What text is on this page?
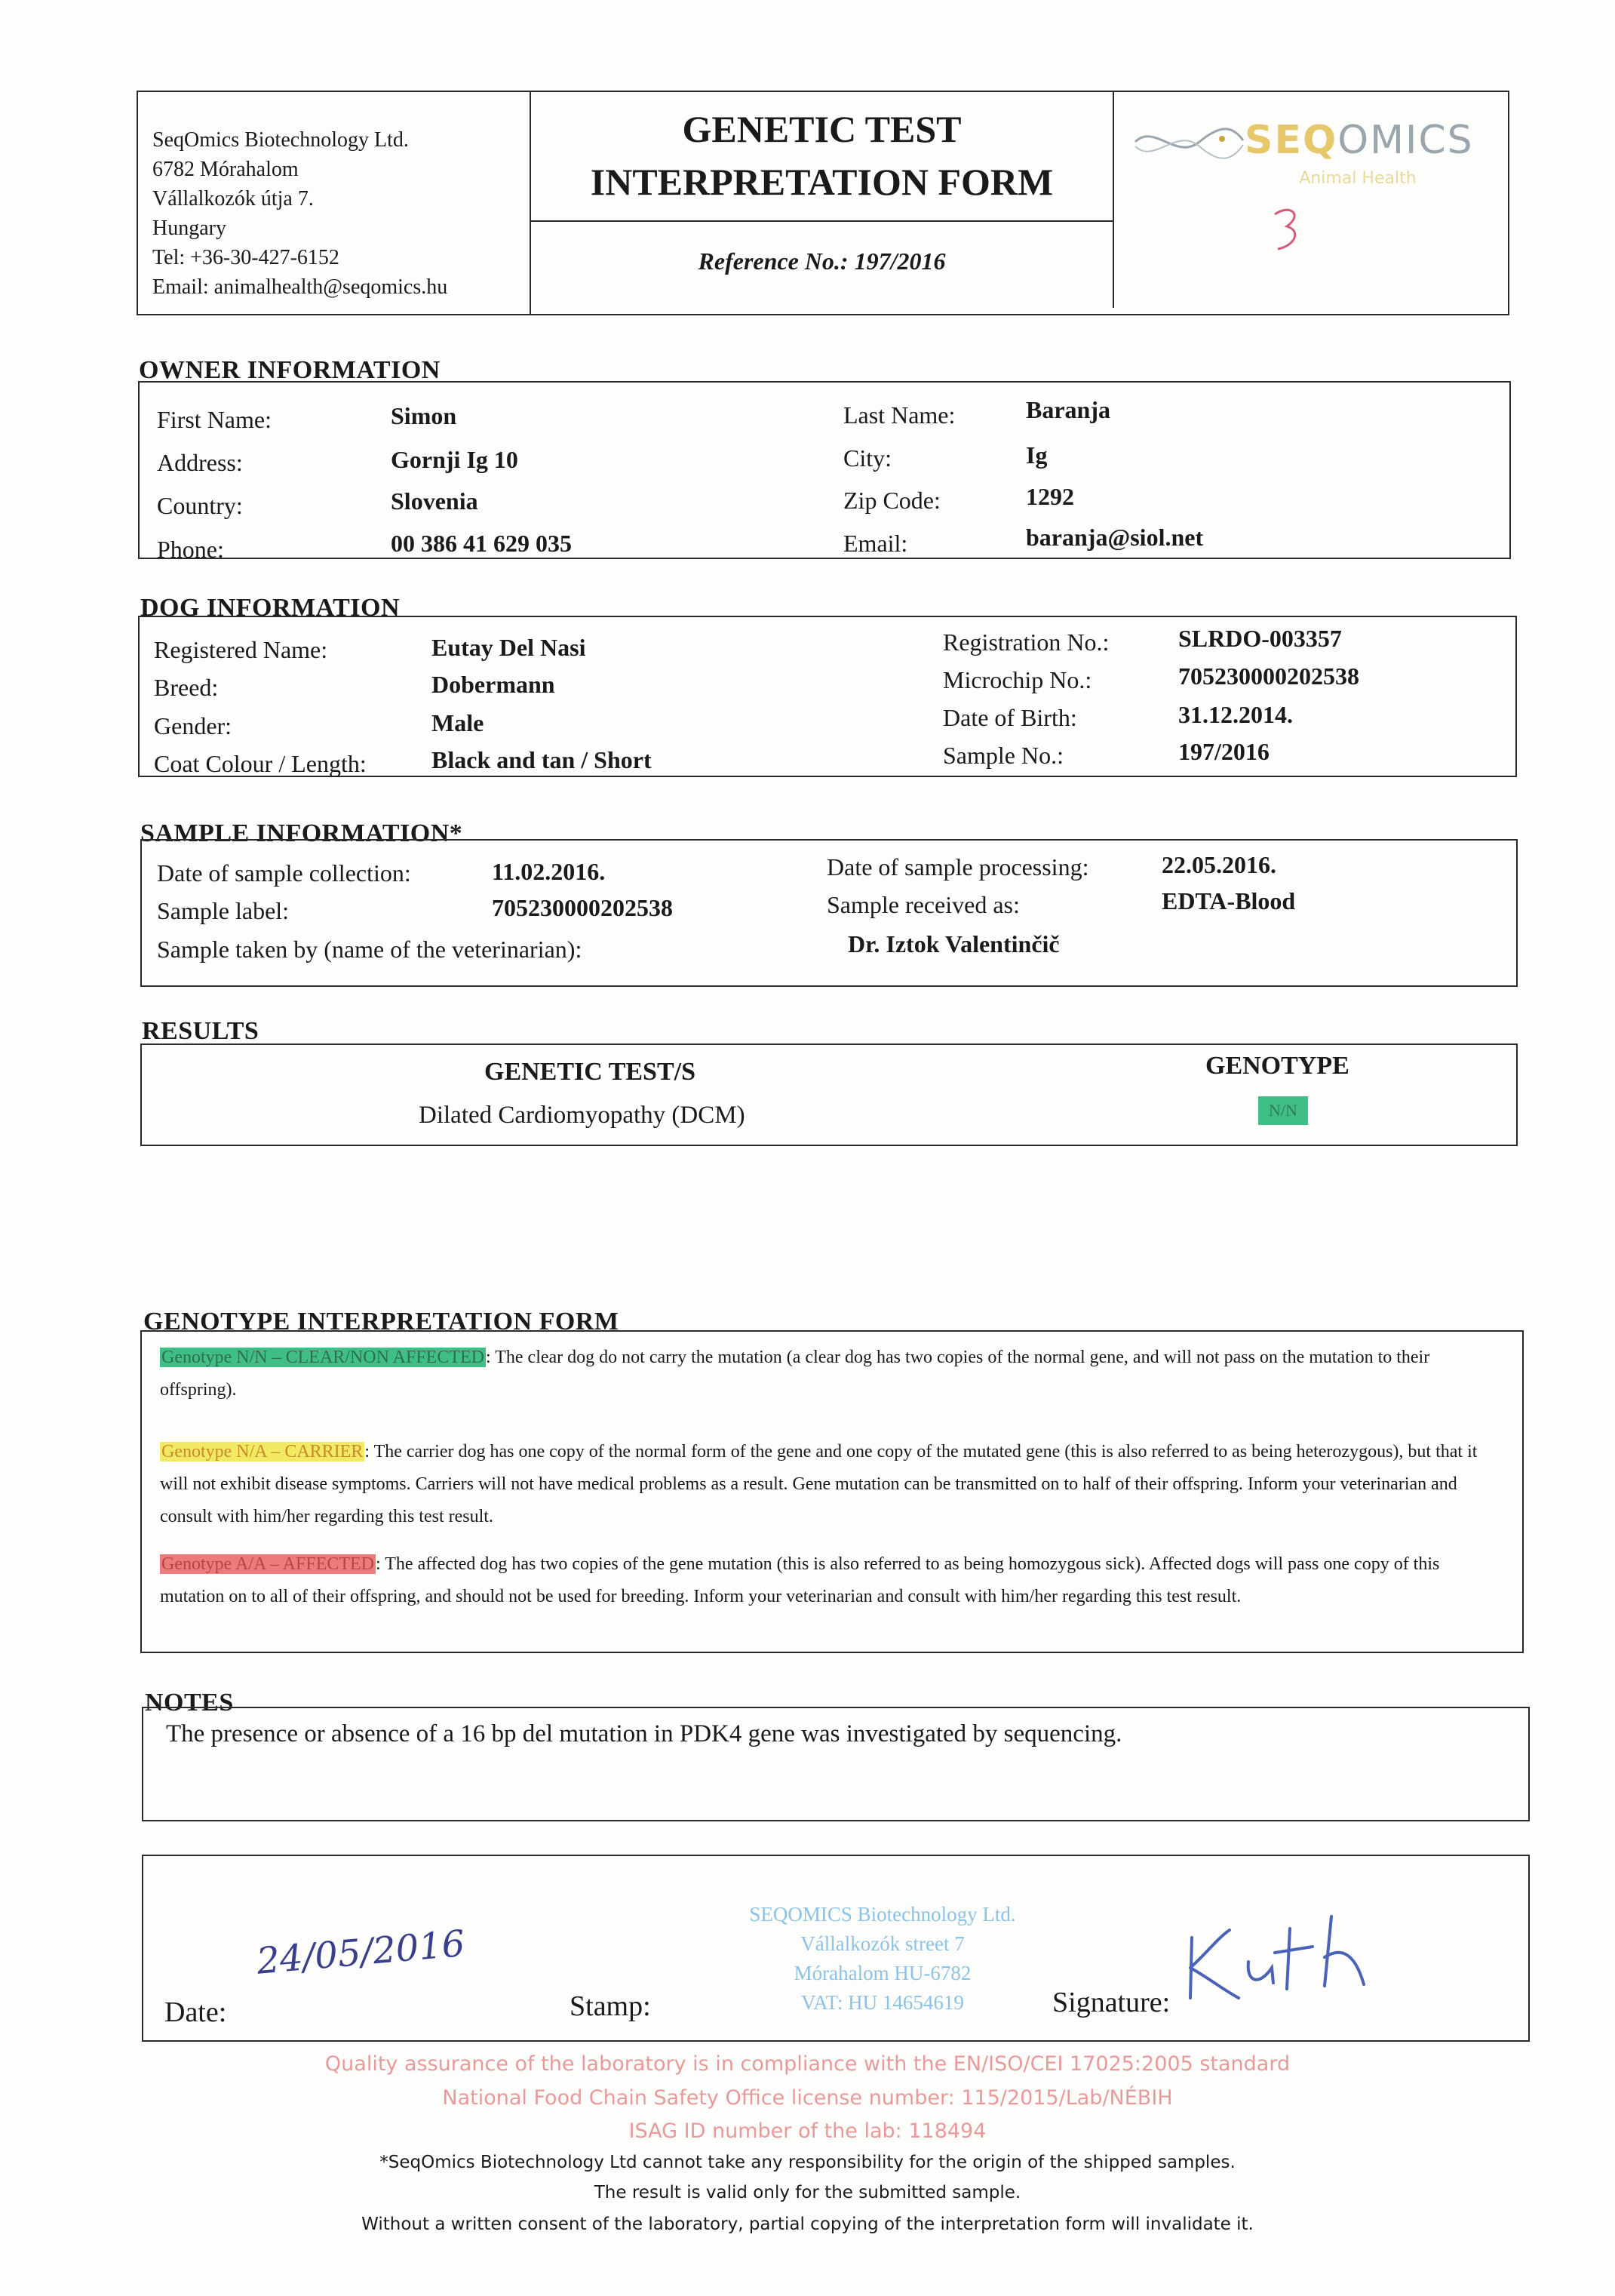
SeqOmics Biotechnology Ltd.
6782 Mórahalom
Vállalkozók útja 7.
Hungary
Tel: +36-30-427-6152
Email: animalhealth@seqomics.hu
GENETIC TEST
INTERPRETATION FORM
Reference No.: 197/2016
SEQOMICS
Animal Health
OWNER INFORMATION
First Name:	Simon
Address:	Gornji Ig 10
Country:	Slovenia
Phone:	00 386 41 629 035
Last Name:	Baranja
City:	Ig
Zip Code:	1292
Email:	baranja@siol.net
DOG INFORMATION
Registered Name:	Eutay Del Nasi
Breed:	Dobermann
Gender:	Male
Coat Colour / Length:	Black and tan / Short
Registration No.:	SLRDO-003357
Microchip No.:	705230000202538
Date of Birth:	31.12.2014.
Sample No.:	197/2016
SAMPLE INFORMATION*
Date of sample collection:	11.02.2016.
Sample label:	705230000202538
Sample taken by (name of the veterinarian):	Dr. Iztok Valentinčič
Date of sample processing:	22.05.2016.
Sample received as:	EDTA-Blood
RESULTS
GENETIC TEST/S	GENOTYPE
Dilated Cardiomyopathy (DCM)	N/N
GENOTYPE INTERPRETATION FORM
Genotype N/N – CLEAR/NON AFFECTED: The clear dog do not carry the mutation (a clear dog has two copies of the normal gene, and will not pass on the mutation to their offspring).
Genotype N/A – CARRIER: The carrier dog has one copy of the normal form of the gene and one copy of the mutated gene (this is also referred to as being heterozygous), but that it will not exhibit disease symptoms. Carriers will not have medical problems as a result. Gene mutation can be transmitted on to half of their offspring. Inform your veterinarian and consult with him/her regarding this test result.
Genotype A/A – AFFECTED: The affected dog has two copies of the gene mutation (this is also referred to as being homozygous sick). Affected dogs will pass one copy of this mutation on to all of their offspring, and should not be used for breeding. Inform your veterinarian and consult with him/her regarding this test result.
NOTES
The presence or absence of a 16 bp del mutation in PDK4 gene was investigated by sequencing.
Date:
24/05/2016
Stamp:
SEQOMICS Biotechnology Ltd.
Vállalkozók street 7
Mórahalom HU-6782
VAT: HU 14654619	Signature:
Quality assurance of the laboratory is in compliance with the EN/ISO/CEI 17025:2005 standard
National Food Chain Safety Office license number: 115/2015/Lab/NÉBIH
ISAG ID number of the lab: 118494
*SeqOmics Biotechnology Ltd cannot take any responsibility for the origin of the shipped samples.
The result is valid only for the submitted sample.
Without a written consent of the laboratory, partial copying of the interpretation form will invalidate it.
